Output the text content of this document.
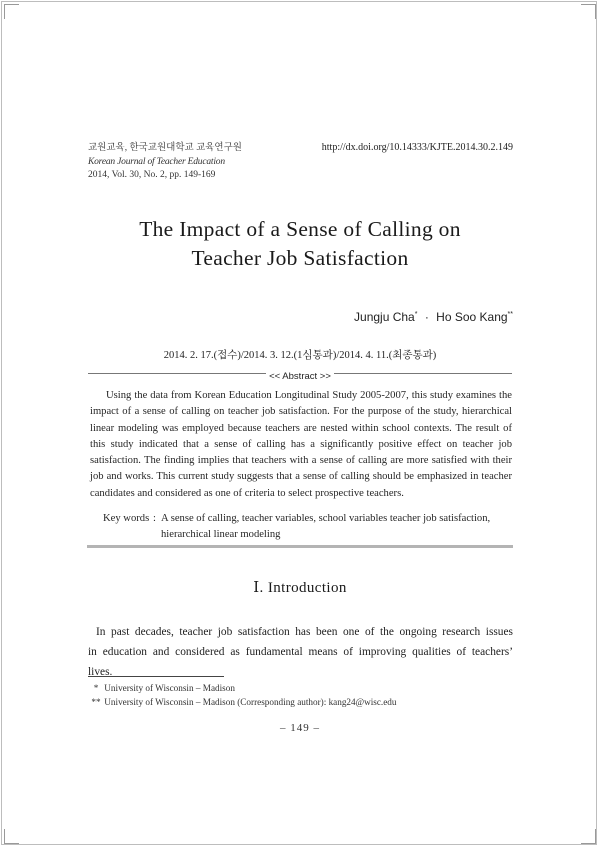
교원교육, 한국교원대학교 교육연구원
Korean Journal of Teacher Education
2014, Vol. 30, No. 2, pp. 149-169
http://dx.doi.org/10.14333/KJTE.2014.30.2.149
The Impact of a Sense of Calling on
Teacher Job Satisfaction
Jungju Cha* · Ho Soo Kang**
2014. 2. 17.(접수)/2014. 3. 12.(1심통과)/2014. 4. 11.(최종통과)
<< Abstract >>
Using the data from Korean Education Longitudinal Study 2005-2007, this study examines the impact of a sense of calling on teacher job satisfaction. For the purpose of the study, hierarchical linear modeling was employed because teachers are nested within school contexts. The result of this study indicated that a sense of calling has a significantly positive effect on teacher job satisfaction. The finding implies that teachers with a sense of calling are more satisfied with their job and works. This current study suggests that a sense of calling should be emphasized in teacher candidates and considered as one of criteria to select prospective teachers.
Key words : A sense of calling, teacher variables, school variables teacher job satisfaction,
hierarchical linear modeling
Ⅰ. Introduction
In past decades, teacher job satisfaction has been one of the ongoing research issues in education and considered as fundamental means of improving qualities of teachers’ lives.
* University of Wisconsin – Madison
** University of Wisconsin – Madison (Corresponding author): kang24@wisc.edu
– 149 –
